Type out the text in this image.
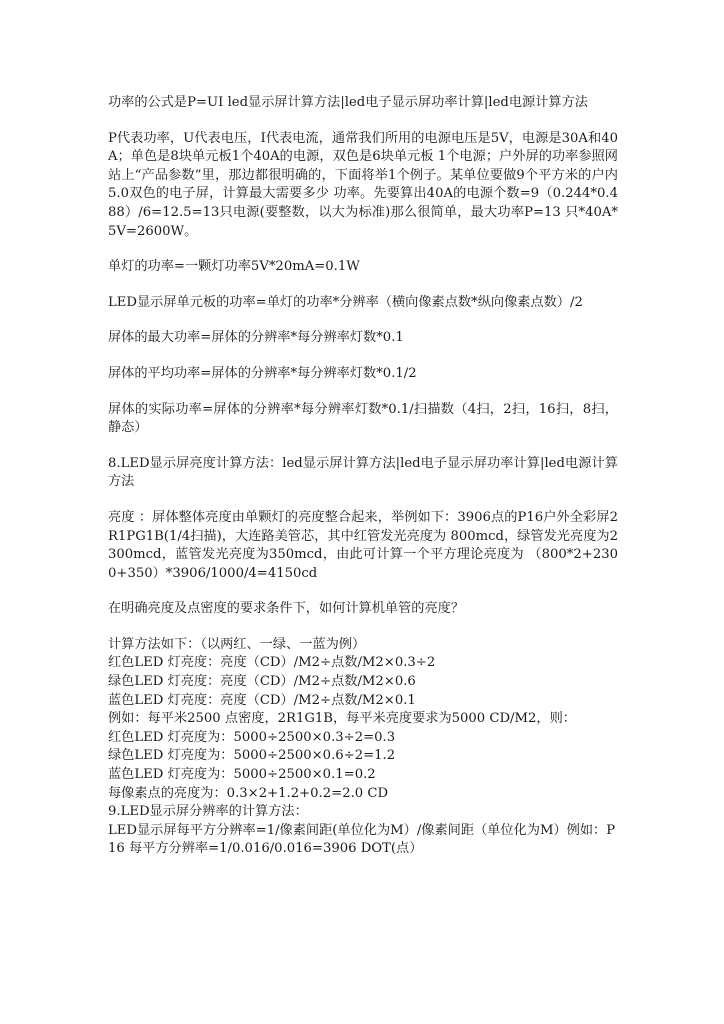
功率的公式是P=UI led显示屏计算方法|led电子显示屏功率计算|led电源计算方法

P代表功率，U代表电压，I代表电流，通常我们所用的电源电压是5V，电源是30A和40A；单色是8块单元板1个40A的电源，双色是6块单元板 1个电源；户外屏的功率参照网站上“产品参数”里，那边都很明确的，下面将举1个例子。某单位要做9个平方米的户内5.0双色的电子屏，计算最大需要多少 功率。先要算出40A的电源个数=9（0.244*0.488）/6=12.5=13只电源(要整数，以大为标准)那么很简单，最大功率P=13 只*40A*5V=2600W。

单灯的功率=一颗灯功率5V*20mA=0.1W

LED显示屏单元板的功率=单灯的功率*分辨率（横向像素点数*纵向像素点数）/2

屏体的最大功率=屏体的分辨率*每分辨率灯数*0.1

屏体的平均功率=屏体的分辨率*每分辨率灯数*0.1/2

屏体的实际功率=屏体的分辨率*每分辨率灯数*0.1/扫描数（4扫，2扫，16扫，8扫，静态）

8.LED显示屏亮度计算方法：led显示屏计算方法|led电子显示屏功率计算|led电源计算方法

亮度 ：屏体整体亮度由单颗灯的亮度整合起来，举例如下：3906点的P16户外全彩屏2R1PG1B(1/4扫描)，大连路美管芯，其中红管发光亮度为 800mcd，绿管发光亮度为2300mcd，蓝管发光亮度为350mcd，由此可计算一个平方理论亮度为 （800*2+2300+350）*3906/1000/4=4150cd

在明确亮度及点密度的要求条件下，如何计算机单管的亮度？

计算方法如下：（以两红、一绿、一蓝为例）
红色LED 灯亮度：亮度（CD）/M2÷点数/M2×0.3÷2
绿色LED 灯亮度：亮度（CD）/M2÷点数/M2×0.6
蓝色LED 灯亮度：亮度（CD）/M2÷点数/M2×0.1
例如：每平米2500 点密度，2R1G1B，每平米亮度要求为5000 CD/M2，则：
红色LED 灯亮度为：5000÷2500×0.3÷2=0.3
绿色LED 灯亮度为：5000÷2500×0.6÷2=1.2
蓝色LED 灯亮度为：5000÷2500×0.1=0.2
每像素点的亮度为：0.3×2+1.2+0.2=2.0 CD
9.LED显示屏分辨率的计算方法：
LED显示屏每平方分辨率=1/像素间距(单位化为M）/像素间距（单位化为M）例如：P16 每平方分辨率=1/0.016/0.016=3906 DOT(点）
